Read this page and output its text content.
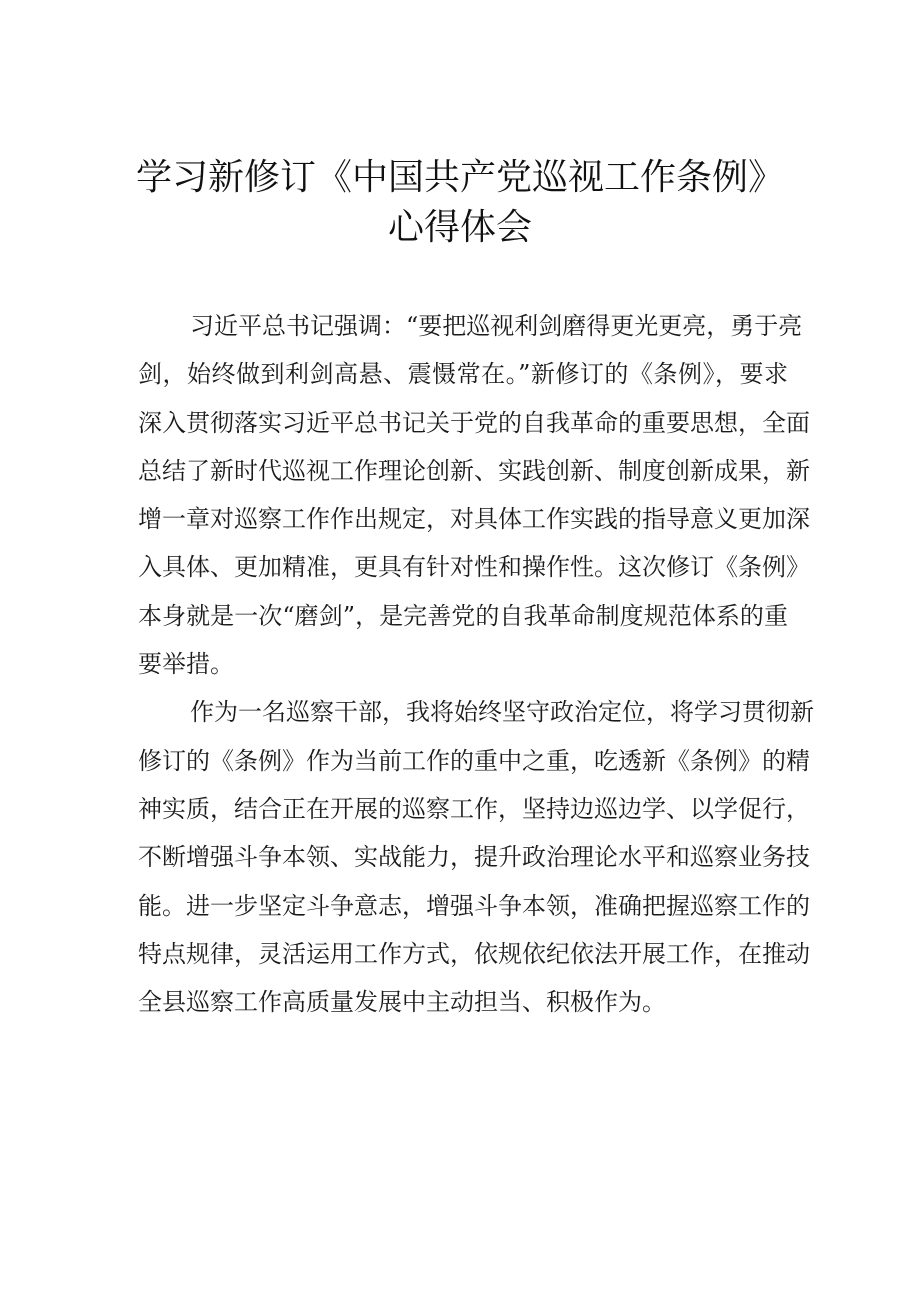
学习新修订《中国共产党巡视工作条例》
心得体会
习近平总书记强调：“要把巡视利剑磨得更光更亮，勇于亮
剑，始终做到利剑高悬、震慑常在。”新修订的《条例》，要求
深入贯彻落实习近平总书记关于党的自我革命的重要思想，全面
总结了新时代巡视工作理论创新、实践创新、制度创新成果，新
增一章对巡察工作作出规定，对具体工作实践的指导意义更加深
入具体、更加精准，更具有针对性和操作性。这次修订《条例》
本身就是一次“磨剑”，是完善党的自我革命制度规范体系的重
要举措。
作为一名巡察干部，我将始终坚守政治定位，将学习贯彻新
修订的《条例》作为当前工作的重中之重，吃透新《条例》的精
神实质，结合正在开展的巡察工作，坚持边巡边学、以学促行，
不断增强斗争本领、实战能力，提升政治理论水平和巡察业务技
能。进一步坚定斗争意志，增强斗争本领，准确把握巡察工作的
特点规律，灵活运用工作方式，依规依纪依法开展工作，在推动
全县巡察工作高质量发展中主动担当、积极作为。
